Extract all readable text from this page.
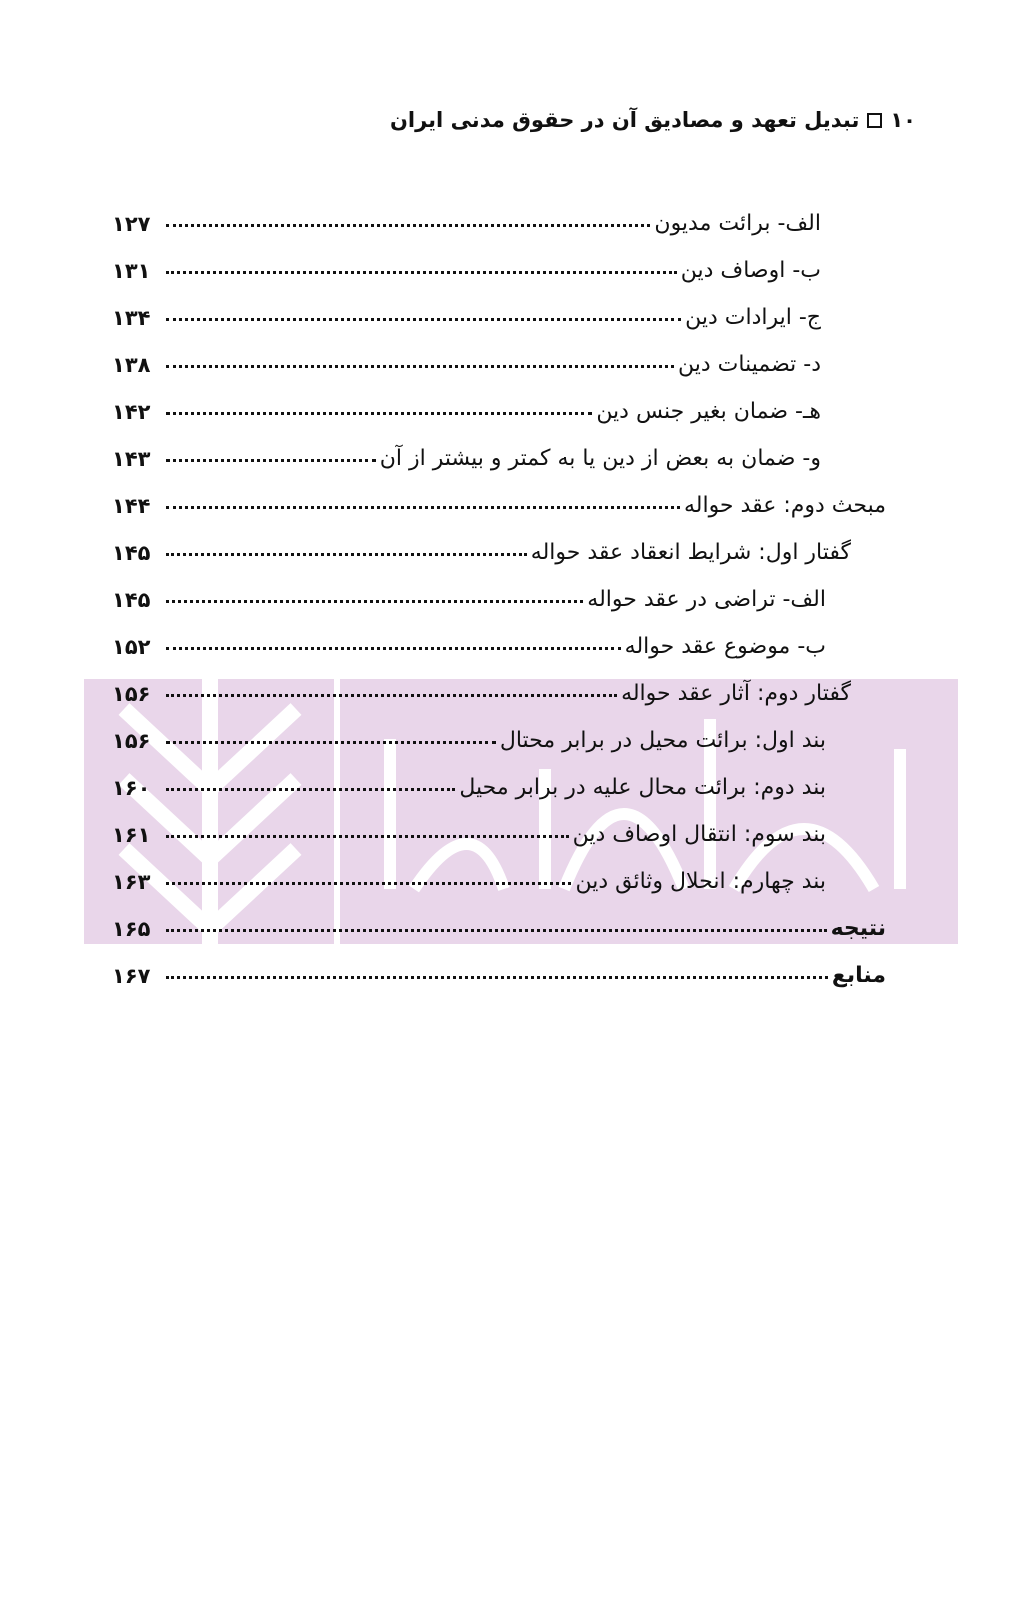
۱۰
تبدیل تعهد و مصادیق آن در حقوق مدنی ایران
الف- برائت مدیون
۱۲۷
ب- اوصاف دین
۱۳۱
ج- ایرادات دین
۱۳۴
د- تضمینات دین
۱۳۸
هـ- ضمان بغیر جنس دین
۱۴۲
و- ضمان به بعض از دین یا به کمتر و بیشتر از آن
۱۴۳
مبحث دوم: عقد حواله
۱۴۴
گفتار اول: شرایط انعقاد عقد حواله
۱۴۵
الف- تراضی در عقد حواله
۱۴۵
ب- موضوع عقد حواله
۱۵۲
گفتار دوم: آثار عقد حواله
۱۵۶
بند اول: برائت محیل در برابر محتال
۱۵۶
بند دوم: برائت محال علیه در برابر محیل
۱۶۰
بند سوم: انتقال اوصاف دین
۱۶۱
بند چهارم: انحلال وثائق دین
۱۶۳
نتیجه
۱۶۵
منابع
۱۶۷
